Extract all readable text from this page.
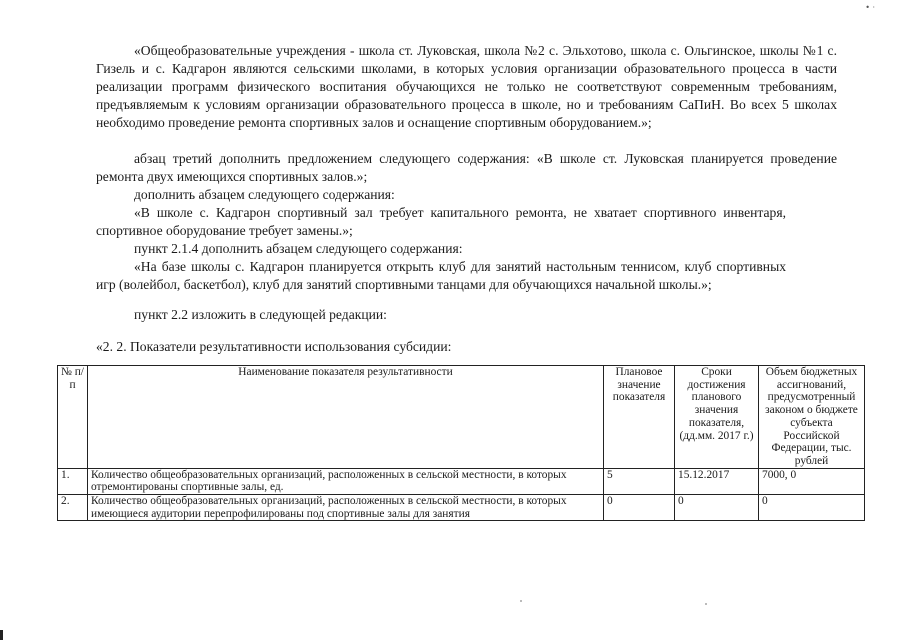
• ·

«Общеобразовательные учреждения - школа ст. Луковская, школа №2 с. Эльхотово, школа с. Ольгинское, школы №1 с. Гизель и с. Кадгарон являются сельскими школами, в которых условия организации образовательного процесса в части реализации программ физического воспитания обучающихся не только не соответствуют современным требованиям, предъявляемым к условиям организации образовательного процесса в школе, но и требованиям СаПиН. Во всех 5 школах необходимо проведение ремонта спортивных залов и оснащение спортивным оборудованием.»;

абзац третий дополнить предложением следующего содержания: «В школе ст. Луковская планируется проведение ремонта двух имеющихся спортивных залов.»;

дополнить абзацем следующего содержания:

«В школе с. Кадгарон спортивный зал требует капитального ремонта, не хватает спортивного инвентаря, спортивное оборудование требует замены.»;

пункт 2.1.4 дополнить абзацем следующего содержания:

«На базе школы с. Кадгарон планируется открыть клуб для занятий настольным теннисом, клуб спортивных игр (волейбол, баскетбол), клуб для занятий спортивными танцами для обучающихся начальной школы.»;

пункт 2.2 изложить в следующей редакции:

«2. 2. Показатели результативности использования субсидии:

№ п/ п	Наименование показателя результативности	Плановое значение показателя	Сроки достижения планового значения показателя, (дд.мм. 2017 г.)	Объем бюджетных ассигнований, предусмотренный законом о бюджете субъекта Российской Федерации, тыс. рублей
1.	Количество общеобразовательных организаций, расположенных в сельской местности, в которых отремонтированы спортивные залы, ед.	5	15.12.2017	7000, 0
2.	Количество общеобразовательных организаций, расположенных в сельской местности, в которых имеющиеся аудитории перепрофилированы под спортивные залы для занятия	0	0	0
